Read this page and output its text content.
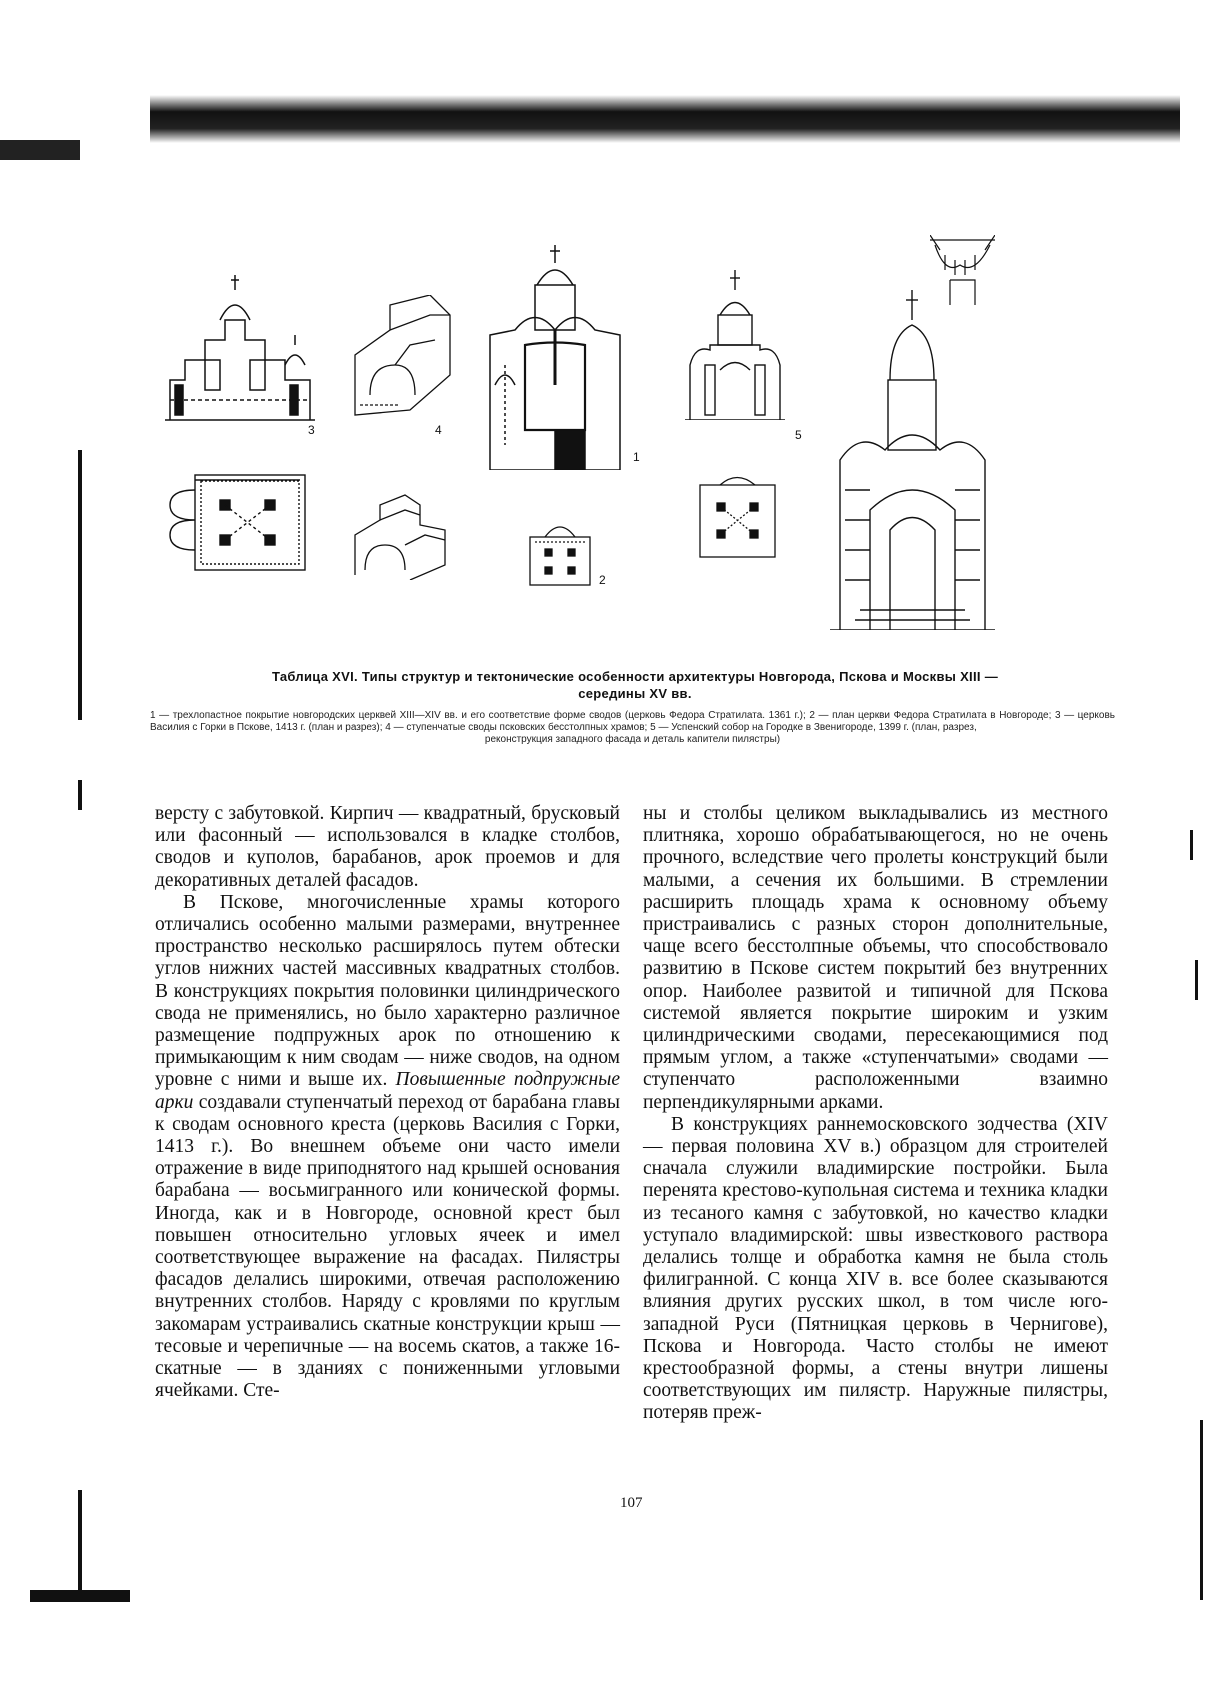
3	4
1
5
2
Таблица XVI. Типы структур и тектонические особенности архитектуры Новгорода, Пскова и Москвы XIII —
середины XV вв.
1 — трехлопастное покрытие новгородских церквей XIII—XIV вв. и его соответствие форме сводов (церковь Федора Стратилата. 1361 г.); 2 — план церкви Федора Стратилата в Новгороде; 3 — церковь Василия с Горки в Пскове, 1413 г. (план и разрез); 4 — ступенчатые своды псковских бесстолпных храмов; 5 — Успенский собор на Городке в Звенигороде, 1399 г. (план, разрез,
реконструкция западного фасада и деталь капители пилястры)

версту с забутовкой. Кирпич — квадратный, брусковый или фасонный — использовался в кладке столбов, сводов и куполов, барабанов, арок проемов и для декоративных деталей фасадов.

В Пскове, многочисленные храмы которого отличались особенно малыми размерами, внутреннее пространство несколько расширялось путем обтески углов нижних частей массивных квадратных столбов. В конструкциях покрытия половинки цилиндрического свода не применялись, но было характерно различное размещение подпружных арок по отношению к примыкающим к ним сводам — ниже сводов, на одном уровне с ними и выше их. Повышенные подпружные арки создавали ступенчатый переход от барабана главы к сводам основного креста (церковь Василия с Горки, 1413 г.). Во внешнем объеме они часто имели отражение в виде приподнятого над крышей основания барабана — восьмигранного или конической формы. Иногда, как и в Новгороде, основной крест был повышен относительно угловых ячеек и имел соответствующее выражение на фасадах. Пилястры фасадов делались широкими, отвечая расположению внутренних столбов. Наряду с кровлями по круглым закомарам устраивались скатные конструкции крыш — тесовые и черепичные — на восемь скатов, а также 16-скатные — в зданиях с пониженными угловыми ячейками. Сте-

ны и столбы целиком выкладывались из местного плитняка, хорошо обрабатывающегося, но не очень прочного, вследствие чего пролеты конструкций были малыми, а сечения их большими. В стремлении расширить площадь храма к основному объему пристраивались с разных сторон дополнительные, чаще всего бесстолпные объемы, что способствовало развитию в Пскове систем покрытий без внутренних опор. Наиболее развитой и типичной для Пскова системой является покрытие широким и узким цилиндрическими сводами, пересекающимися под прямым углом, а также «ступенчатыми» сводами — ступенчато расположенными взаимно перпендикулярными арками.

В конструкциях раннемосковского зодчества (XIV — первая половина XV в.) образцом для строителей сначала служили владимирские постройки. Была перенята крестово-купольная система и техника кладки из тесаного камня с забутовкой, но качество кладки уступало владимирской: швы известкового раствора делались толще и обработка камня не была столь филигранной. С конца XIV в. все более сказываются влияния других русских школ, в том числе юго-западной Руси (Пятницкая церковь в Чернигове), Пскова и Новгорода. Часто столбы не имеют крестообразной формы, а стены внутри лишены соответствующих им пилястр. Наружные пилястры, потеряв преж-

107
